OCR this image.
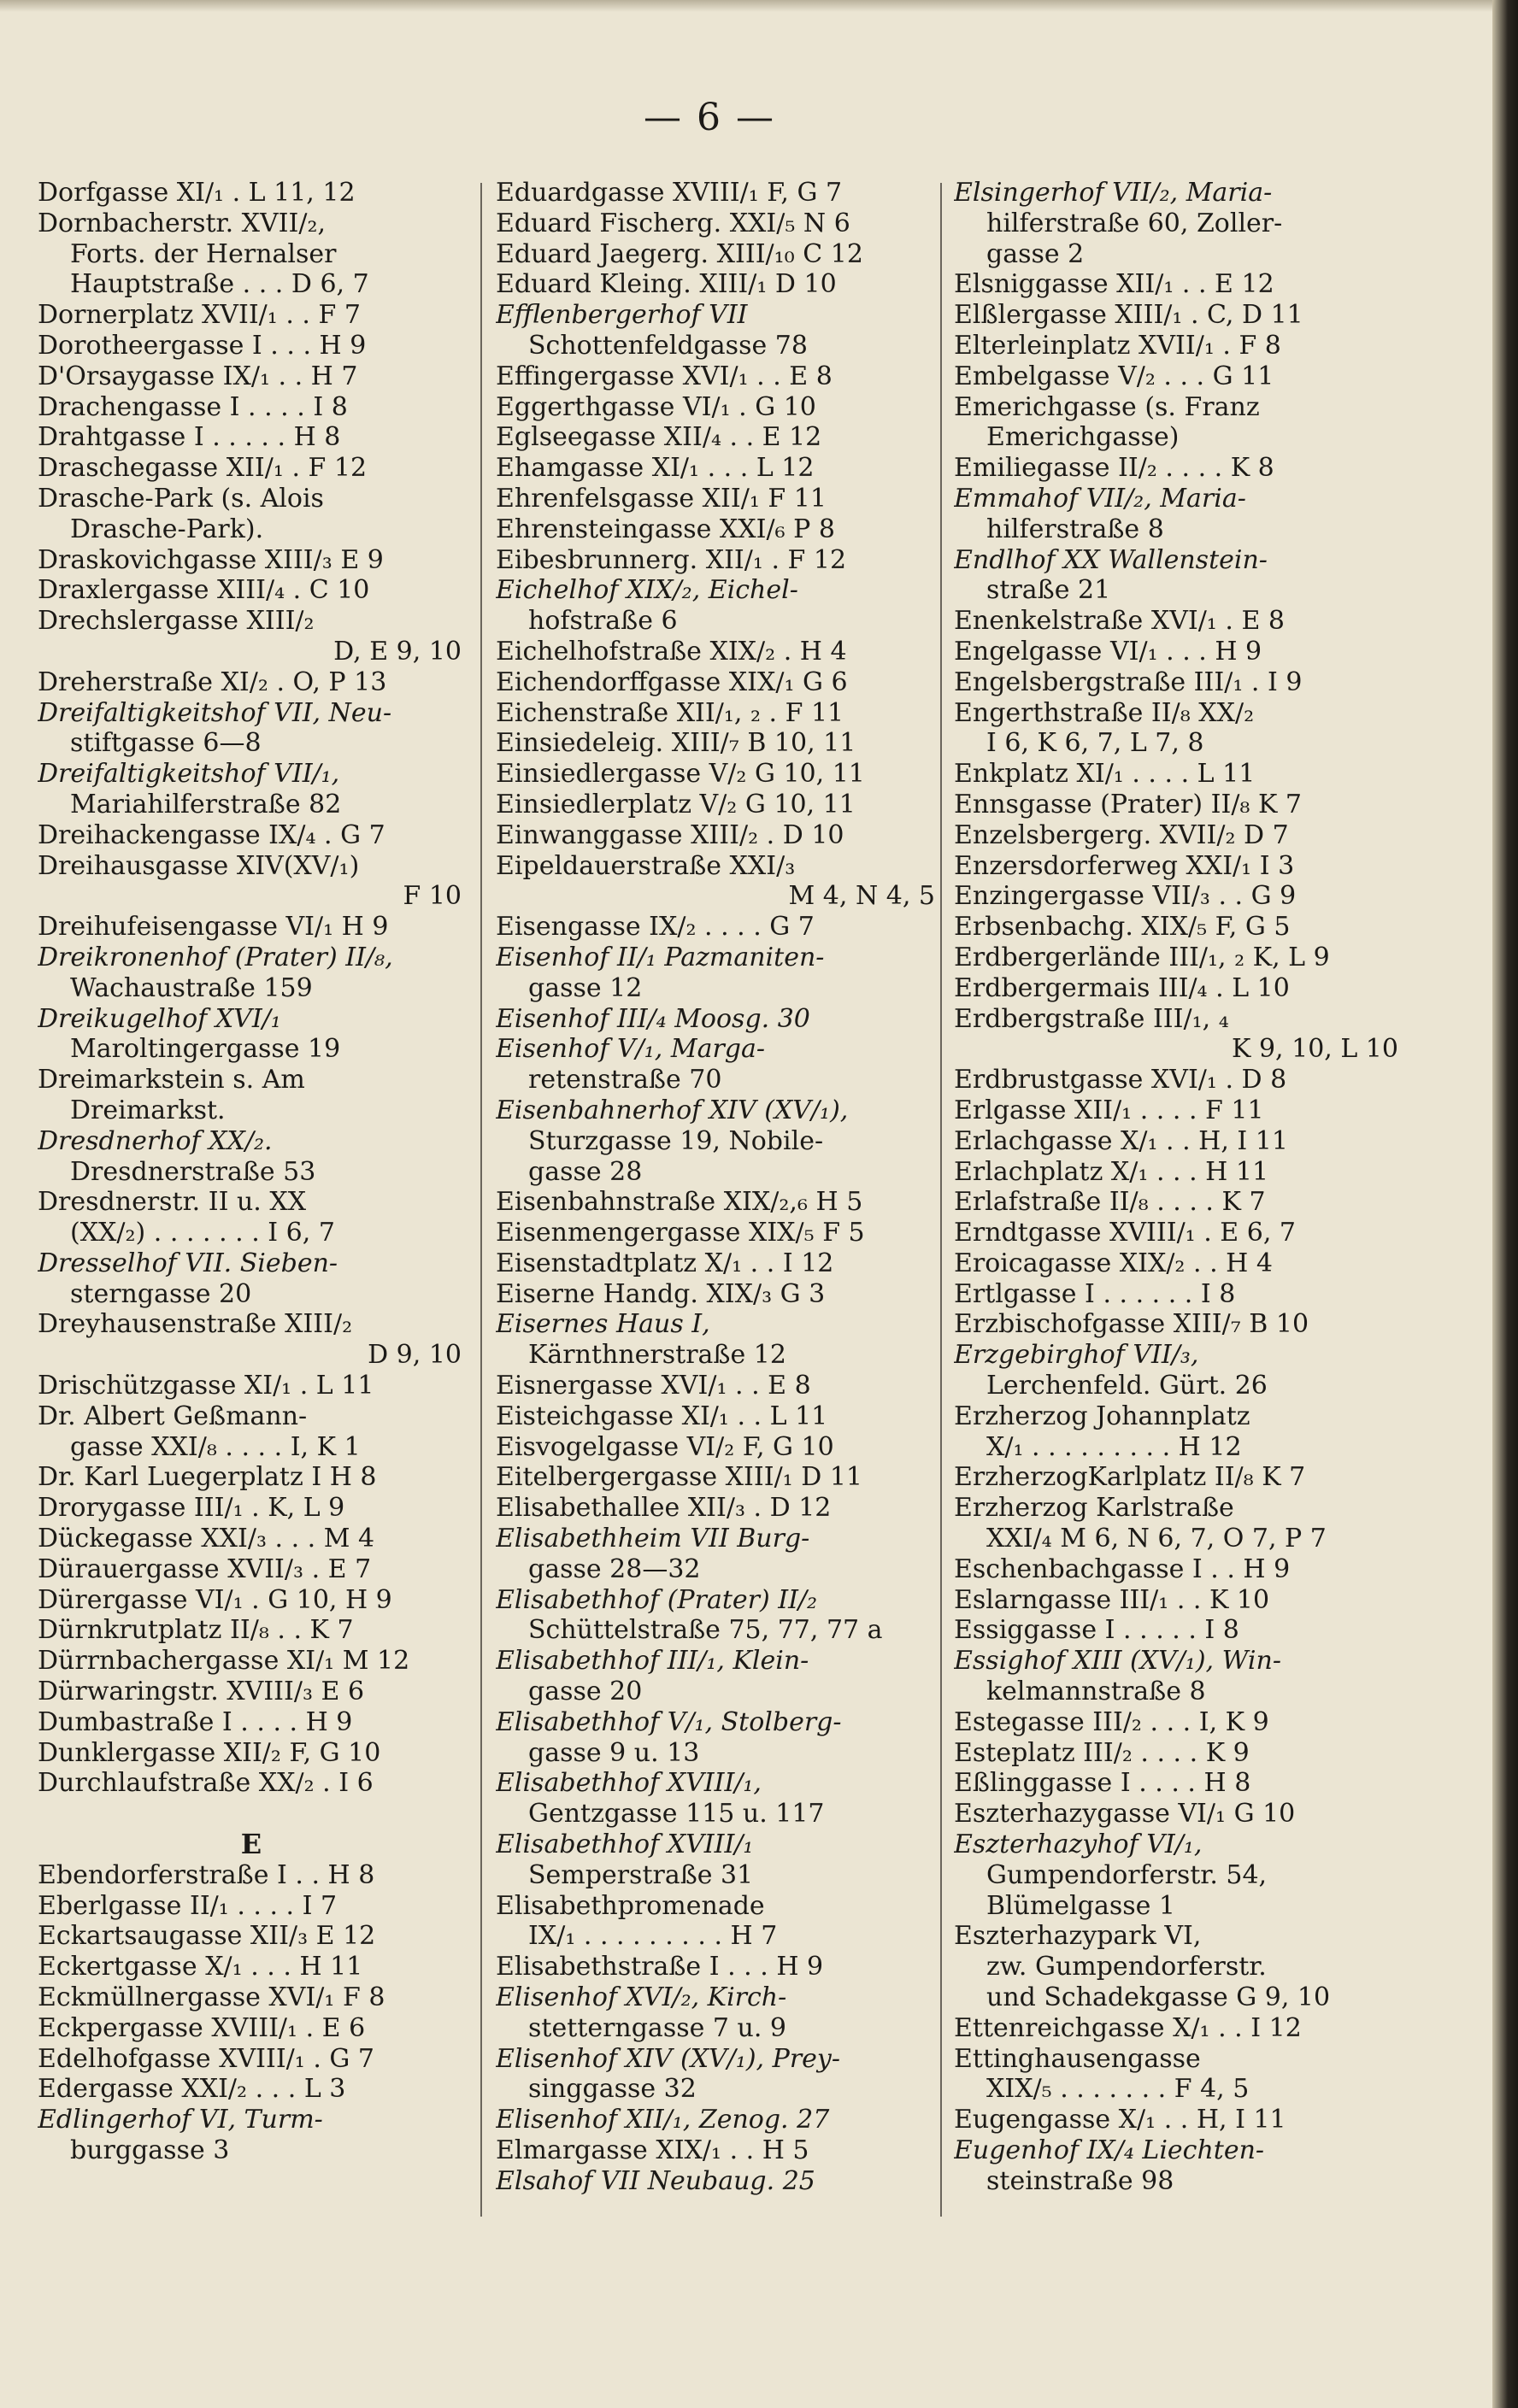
— 6 —
Dorfgasse XI/₁ . L 11, 12
Dornbacherstr. XVII/₂,
Forts. der Hernalser
Hauptstraße . . . D 6, 7
Dornerplatz XVII/₁ . . F 7
Dorotheergasse I . . . H 9
D'Orsaygasse IX/₁ . . H 7
Drachengasse I . . . . I 8
Drahtgasse I . . . . . H 8
Draschegasse XII/₁ . F 12
Drasche-Park (s. Alois
Drasche-Park).
Draskovichgasse XIII/₃ E 9
Draxlergasse XIII/₄ . C 10
Drechslergasse XIII/₂
D, E 9, 10
Dreherstraße XI/₂ . O, P 13
Dreifaltigkeitshof VII, Neu-
stiftgasse 6—8
Dreifaltigkeitshof VII/₁,
Mariahilferstraße 82
Dreihackengasse IX/₄ . G 7
Dreihausgasse XIV(XV/₁)
F 10
Dreihufeisengasse VI/₁ H 9
Dreikronenhof (Prater) II/₈,
Wachaustraße 159
Dreikugelhof XVI/₁
Maroltingergasse 19
Dreimarkstein s. Am
Dreimarkst.
Dresdnerhof XX/₂.
Dresdnerstraße 53
Dresdnerstr. II u. XX
(XX/₂) . . . . . . . I 6, 7
Dresselhof VII. Sieben-
sterngasse 20
Dreyhausenstraße XIII/₂
D 9, 10
Drischützgasse XI/₁ . L 11
Dr. Albert Geßmann-
gasse XXI/₈ . . . . I, K 1
Dr. Karl Luegerplatz I H 8
Drorygasse III/₁ . K, L 9
Dückegasse XXI/₃ . . . M 4
Dürauergasse XVII/₃ . E 7
Dürergasse VI/₁ . G 10, H 9
Dürnkrutplatz II/₈ . . K 7
Dürrnbachergasse XI/₁ M 12
Dürwaringstr. XVIII/₃ E 6
Dumbastraße I . . . . H 9
Dunklergasse XII/₂ F, G 10
Durchlaufstraße XX/₂ . I 6
E
Ebendorferstraße I . . H 8
Eberlgasse II/₁ . . . . I 7
Eckartsaugasse XII/₃ E 12
Eckertgasse X/₁ . . . H 11
Eckmüllnergasse XVI/₁ F 8
Eckpergasse XVIII/₁ . E 6
Edelhofgasse XVIII/₁ . G 7
Edergasse XXI/₂ . . . L 3
Edlingerhof VI, Turm-
burggasse 3
Eduardgasse XVIII/₁ F, G 7
Eduard Fischerg. XXI/₅ N 6
Eduard Jaegerg. XIII/₁₀ C 12
Eduard Kleing. XIII/₁ D 10
Efflenbergerhof VII
Schottenfeldgasse 78
Effingergasse XVI/₁ . . E 8
Eggerthgasse VI/₁ . G 10
Eglseegasse XII/₄ . . E 12
Ehamgasse XI/₁ . . . L 12
Ehrenfelsgasse XII/₁ F 11
Ehrensteingasse XXI/₆ P 8
Eibesbrunnerg. XII/₁ . F 12
Eichelhof XIX/₂, Eichel-
hofstraße 6
Eichelhofstraße XIX/₂ . H 4
Eichendorffgasse XIX/₁ G 6
Eichenstraße XII/₁, ₂ . F 11
Einsiedeleig. XIII/₇ B 10, 11
Einsiedlergasse V/₂ G 10, 11
Einsiedlerplatz V/₂ G 10, 11
Einwanggasse XIII/₂ . D 10
Eipeldauerstraße XXI/₃
M 4, N 4, 5
Eisengasse IX/₂ . . . . G 7
Eisenhof II/₁ Pazmaniten-
gasse 12
Eisenhof III/₄ Moosg. 30
Eisenhof V/₁, Marga-
retenstraße 70
Eisenbahnerhof XIV (XV/₁),
Sturzgasse 19, Nobile-
gasse 28
Eisenbahnstraße XIX/₂,₆ H 5
Eisenmengergasse XIX/₅ F 5
Eisenstadtplatz X/₁ . . I 12
Eiserne Handg. XIX/₃ G 3
Eisernes Haus I,
Kärnthnerstraße 12
Eisnergasse XVI/₁ . . E 8
Eisteichgasse XI/₁ . . L 11
Eisvogelgasse VI/₂ F, G 10
Eitelbergergasse XIII/₁ D 11
Elisabethallee XII/₃ . D 12
Elisabethheim VII Burg-
gasse 28—32
Elisabethhof (Prater) II/₂
Schüttelstraße 75, 77, 77 a
Elisabethhof III/₁, Klein-
gasse 20
Elisabethhof V/₁, Stolberg-
gasse 9 u. 13
Elisabethhof XVIII/₁,
Gentzgasse 115 u. 117
Elisabethhof XVIII/₁
Semperstraße 31
Elisabethpromenade
IX/₁ . . . . . . . . . H 7
Elisabethstraße I . . . H 9
Elisenhof XVI/₂, Kirch-
stetterngasse 7 u. 9
Elisenhof XIV (XV/₁), Prey-
singgasse 32
Elisenhof XII/₁, Zenog. 27
Elmargasse XIX/₁ . . H 5
Elsahof VII Neubaug. 25
Elsingerhof VII/₂, Maria-
hilferstraße 60, Zoller-
gasse 2
Elsniggasse XII/₁ . . E 12
Elßlergasse XIII/₁ . C, D 11
Elterleinplatz XVII/₁ . F 8
Embelgasse V/₂ . . . G 11
Emerichgasse (s. Franz
Emerichgasse)
Emiliegasse II/₂ . . . . K 8
Emmahof VII/₂, Maria-
hilferstraße 8
Endlhof XX Wallenstein-
straße 21
Enenkelstraße XVI/₁ . E 8
Engelgasse VI/₁ . . . H 9
Engelsbergstraße III/₁ . I 9
Engerthstraße II/₈ XX/₂
I 6, K 6, 7, L 7, 8
Enkplatz XI/₁ . . . . L 11
Ennsgasse (Prater) II/₈ K 7
Enzelsbergerg. XVII/₂ D 7
Enzersdorferweg XXI/₁ I 3
Enzingergasse VII/₃ . . G 9
Erbsenbachg. XIX/₅ F, G 5
Erdbergerlände III/₁, ₂ K, L 9
Erdbergermais III/₄ . L 10
Erdbergstraße III/₁, ₄
K 9, 10, L 10
Erdbrustgasse XVI/₁ . D 8
Erlgasse XII/₁ . . . . F 11
Erlachgasse X/₁ . . H, I 11
Erlachplatz X/₁ . . . H 11
Erlafstraße II/₈ . . . . K 7
Erndtgasse XVIII/₁ . E 6, 7
Eroicagasse XIX/₂ . . H 4
Ertlgasse I . . . . . . I 8
Erzbischofgasse XIII/₇ B 10
Erzgebirghof VII/₃,
Lerchenfeld. Gürt. 26
Erzherzog Johannplatz
X/₁ . . . . . . . . . H 12
ErzherzogKarlplatz II/₈ K 7
Erzherzog Karlstraße
XXI/₄ M 6, N 6, 7, O 7, P 7
Eschenbachgasse I . . H 9
Eslarngasse III/₁ . . K 10
Essiggasse I . . . . . I 8
Essighof XIII (XV/₁), Win-
kelmannstraße 8
Estegasse III/₂ . . . I, K 9
Esteplatz III/₂ . . . . K 9
Eßlinggasse I . . . . H 8
Eszterhazygasse VI/₁ G 10
Eszterhazyhof VI/₁,
Gumpendorferstr. 54,
Blümelgasse 1
Eszterhazypark VI,
zw. Gumpendorferstr.
und Schadekgasse G 9, 10
Ettenreichgasse X/₁ . . I 12
Ettinghausengasse
XIX/₅ . . . . . . . F 4, 5
Eugengasse X/₁ . . H, I 11
Eugenhof IX/₄ Liechten-
steinstraße 98
